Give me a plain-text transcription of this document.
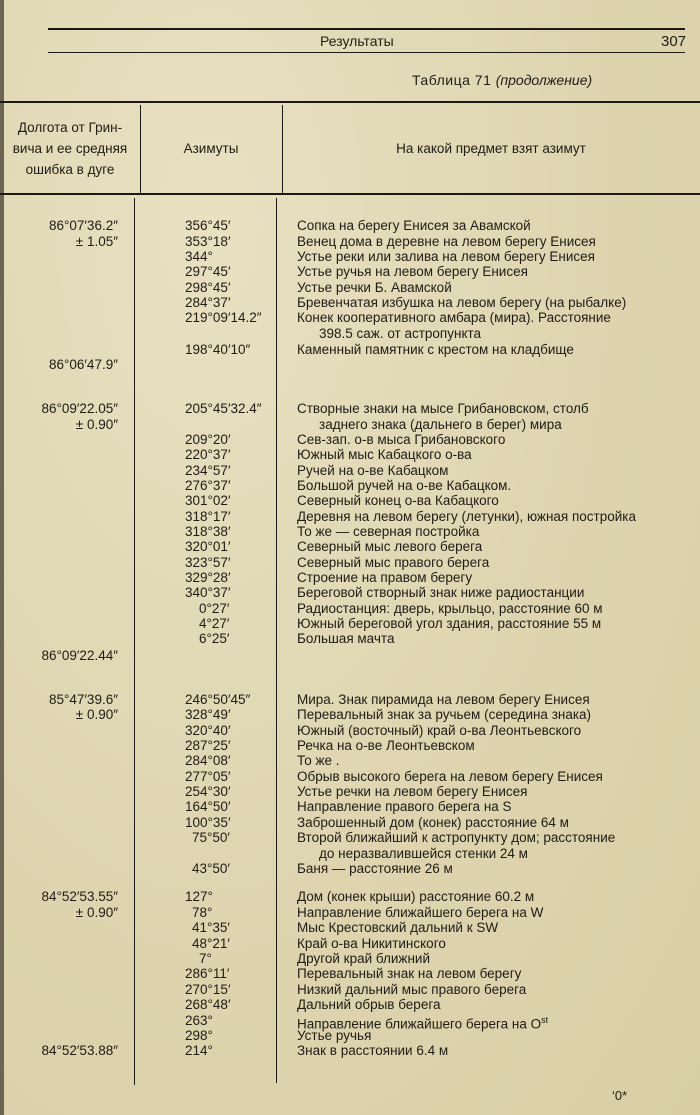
Результаты	307
Таблица 71 (продолжение)
Долгота от Грин-
вича и ее средняя
ошибка в дуге
Азимуты	На какой предмет взят азимут
86°07′36.2″	356°45′	Сопка на берегу Енисея за Авамской
± 1.05″	353°18′	Венец дома в деревне на левом берегу Енисея
344°	Устье реки или залива на левом берегу Енисея
297°45′	Устье ручья на левом берегу Енисея
298°45′	Устье речки Б. Авамской
284°37′	Бревенчатая избушка на левом берегу (на рыбалке)
219°09′14.2″	Конек кооперативного амбара (мира). Расстояние
398.5 саж. от астропункта
198°40′10″	Каменный памятник с крестом на кладбище
86°06′47.9″
86°09′22.05″	205°45′32.4″	Створные знаки на мысе Грибановском, столб
заднего знака (дальнего в берег) мира
± 0.90″
209°20′	Сев-зап. о-в мыса Грибановского
220°37′	Южный мыс Кабацкого о-ва
234°57′	Ручей на о-ве Кабацком
276°37′	Большой ручей на о-ве Кабацком.
301°02′	Северный конец о-ва Кабацкого
318°17′	Деревня на левом берегу (летунки), южная постройка
318°38′	То же — северная постройка
320°01′	Северный мыс левого берега
323°57′	Северный мыс правого берега
329°28′	Строение на правом берегу
340°37′	Береговой створный знак ниже радиостанции
0°27′	Радиостанция: дверь, крыльцо, расстояние 60 м
4°27′	Южный береговой угол здания, расстояние 55 м
6°25′	Большая мачта
86°09′22.44″
85°47′39.6″	246°50′45″	Мира. Знак пирамида на левом берегу Енисея
± 0.90″	328°49′	Перевальный знак за ручьем (середина знака)
320°40′	Южный (восточный) край о-ва Леонтьевского
287°25′	Речка на о-ве Леонтьевском
284°08′	То же .
277°05′	Обрыв высокого берега на левом берегу Енисея
254°30′	Устье речки на левом берегу Енисея
164°50′	Направление правого берега на S
100°35′	Заброшенный дом (конек) расстояние 64 м
75°50′	Второй ближайший к астропункту дом; расстояние
до неразвалившейся стенки 24 м
43°50′	Баня — расстояние 26 м
84°52′53.55″	127°	Дом (конек крыши) расстояние 60.2 м
± 0.90″	78°	Направление ближайшего берега на W
41°35′	Мыс Крестовский дальний к SW
48°21′	Край о-ва Никитинского
7°	Другой край ближний
286°11′	Перевальный знак на левом берегу
270°15′	Низкий дальний мыс правого берега
268°48′	Дальний обрыв берега
263°	Направление ближайшего берега на $O^{st}$
298°	Устье ручья
84°52′53.88″	214°	Знак в расстоянии 6.4 м
‘0*
